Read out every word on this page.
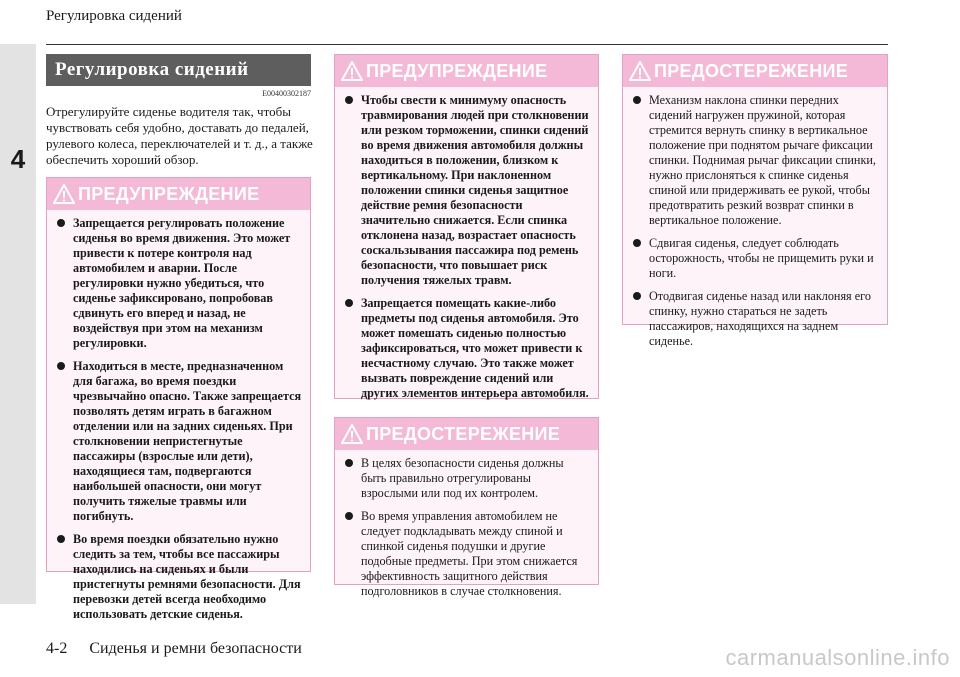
Регулировка сидений
4
Регулировка сидений
E00400302187
Отрегулируйте сиденье водителя так, чтобы чувствовать себя удобно, доставать до педалей, рулевого колеса, переключателей и т. д., а также обеспечить хороший обзор.
ПРЕДУПРЕЖДЕНИЕ
Запрещается регулировать положение сиденья во время движения. Это может привести к потере контроля над автомобилем и аварии. После регулировки нужно убедиться, что сиденье зафиксировано, попробовав сдвинуть его вперед и назад, не воздействуя при этом на механизм регулировки.
Находиться в месте, предназначенном для багажа, во время поездки чрезвычайно опасно. Также запрещается позволять детям играть в багажном отделении или на задних сиденьях. При столкновении непристегнутые пассажиры (взрослые или дети), находящиеся там, подвергаются наибольшей опасности, они могут получить тяжелые травмы или погибнуть.
Во время поездки обязательно нужно следить за тем, чтобы все пассажиры находились на сиденьях и были пристегнуты ремнями безопасности. Для перевозки детей всегда необходимо использовать детские сиденья.
ПРЕДУПРЕЖДЕНИЕ
Чтобы свести к минимуму опасность травмирования людей при столкновении или резком торможении, спинки сидений во время движения автомобиля должны находиться в положении, близком к вертикальному. При наклоненном положении спинки сиденья защитное действие ремня безопасности значительно снижается. Если спинка отклонена назад, возрастает опасность соскальзывания пассажира под ремень безопасности, что повышает риск получения тяжелых травм.
Запрещается помещать какие-либо предметы под сиденья автомобиля. Это может помешать сиденью полностью зафиксироваться, что может привести к несчастному случаю. Это также может вызвать повреждение сидений или других элементов интерьера автомобиля.
ПРЕДОСТЕРЕЖЕНИЕ
В целях безопасности сиденья должны быть правильно отрегулированы взрослыми или под их контролем.
Во время управления автомобилем не следует подкладывать между спиной и спинкой сиденья подушки и другие подобные предметы. При этом снижается эффективность защитного действия подголовников в случае столкновения.
ПРЕДОСТЕРЕЖЕНИЕ
Механизм наклона спинки передних сидений нагружен пружиной, которая стремится вернуть спинку в вертикальное положение при поднятом рычаге фиксации спинки. Поднимая рычаг фиксации спинки, нужно прислоняться к спинке сиденья спиной или придерживать ее рукой, чтобы предотвратить резкий возврат спинки в вертикальное положение.
Сдвигая сиденья, следует соблюдать осторожность, чтобы не прищемить руки и ноги.
Отодвигая сиденье назад или наклоняя его спинку, нужно стараться не задеть пассажиров, находящихся на заднем сиденье.
4-2 Сиденья и ремни безопасности	carmanualsonline.info
